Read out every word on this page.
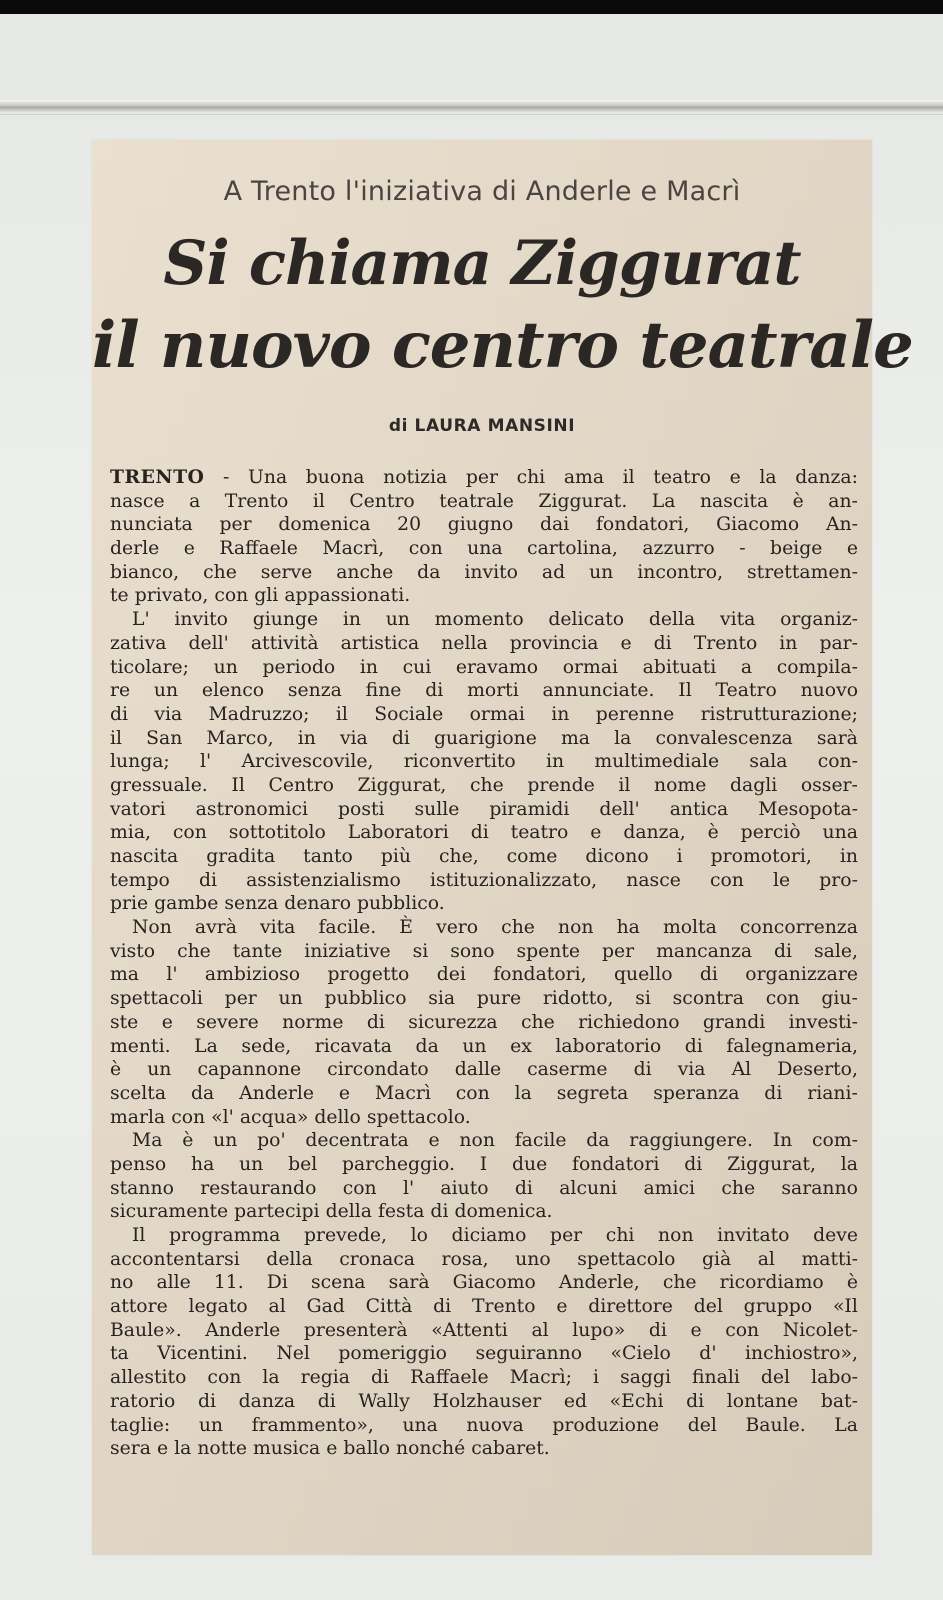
A Trento l'iniziativa di Anderle e Macrì
Si chiama Ziggurat
il nuovo centro teatrale
di LAURA MANSINI
TRENTO - Una buona notizia per chi ama il teatro e la danza:
nasce a Trento il Centro teatrale Ziggurat. La nascita è an-
nunciata per domenica 20 giugno dai fondatori, Giacomo An-
derle e Raffaele Macrì, con una cartolina, azzurro - beige e
bianco, che serve anche da invito ad un incontro, strettamen-
te privato, con gli appassionati.
L' invito giunge in un momento delicato della vita organiz-
zativa dell' attività artistica nella provincia e di Trento in par-
ticolare; un periodo in cui eravamo ormai abituati a compila-
re un elenco senza fine di morti annunciate. Il Teatro nuovo
di via Madruzzo; il Sociale ormai in perenne ristrutturazione;
il San Marco, in via di guarigione ma la convalescenza sarà
lunga; l' Arcivescovile, riconvertito in multimediale sala con-
gressuale. Il Centro Ziggurat, che prende il nome dagli osser-
vatori astronomici posti sulle piramidi dell' antica Mesopota-
mia, con sottotitolo Laboratori di teatro e danza, è perciò una
nascita gradita tanto più che, come dicono i promotori, in
tempo di assistenzialismo istituzionalizzato, nasce con le pro-
prie gambe senza denaro pubblico.
Non avrà vita facile. È vero che non ha molta concorrenza
visto che tante iniziative si sono spente per mancanza di sale,
ma l' ambizioso progetto dei fondatori, quello di organizzare
spettacoli per un pubblico sia pure ridotto, si scontra con giu-
ste e severe norme di sicurezza che richiedono grandi investi-
menti. La sede, ricavata da un ex laboratorio di falegnameria,
è un capannone circondato dalle caserme di via Al Deserto,
scelta da Anderle e Macrì con la segreta speranza di riani-
marla con «l' acqua» dello spettacolo.
Ma è un po' decentrata e non facile da raggiungere. In com-
penso ha un bel parcheggio. I due fondatori di Ziggurat, la
stanno restaurando con l' aiuto di alcuni amici che saranno
sicuramente partecipi della festa di domenica.
Il programma prevede, lo diciamo per chi non invitato deve
accontentarsi della cronaca rosa, uno spettacolo già al matti-
no alle 11. Di scena sarà Giacomo Anderle, che ricordiamo è
attore legato al Gad Città di Trento e direttore del gruppo «Il
Baule». Anderle presenterà «Attenti al lupo» di e con Nicolet-
ta Vicentini. Nel pomeriggio seguiranno «Cielo d' inchiostro»,
allestito con la regia di Raffaele Macrì; i saggi finali del labo-
ratorio di danza di Wally Holzhauser ed «Echi di lontane bat-
taglie: un frammento», una nuova produzione del Baule. La
sera e la notte musica e ballo nonché cabaret.
